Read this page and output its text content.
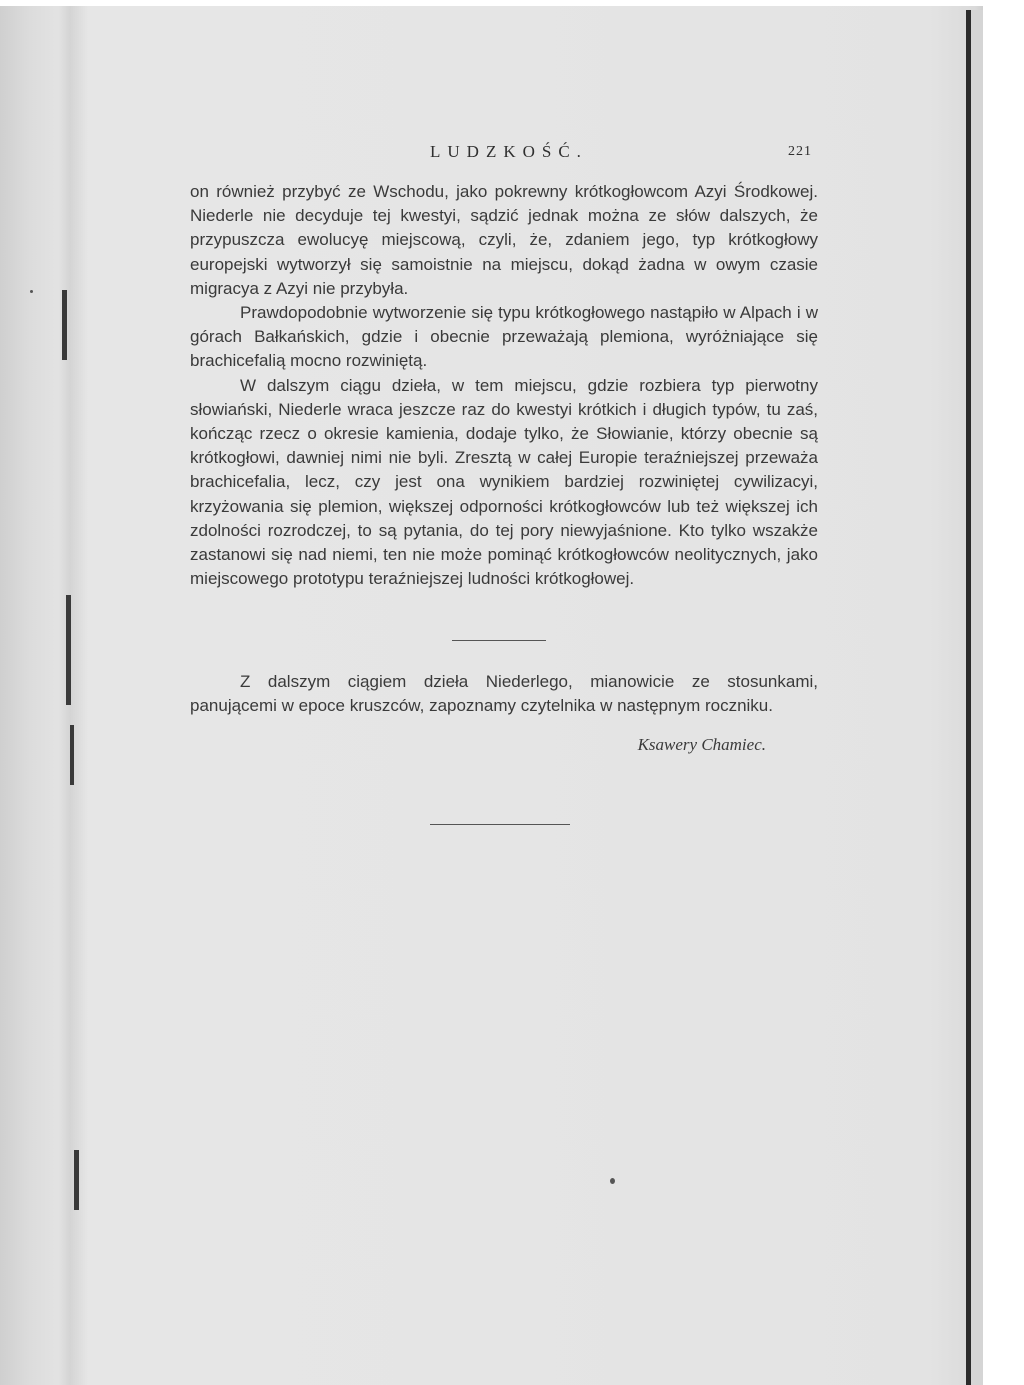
LUDZKOŚĆ.	221

on również przybyć ze Wschodu, jako pokrewny krótkogłowcom Azyi Środkowej. Niederle nie decyduje tej kwestyi, sądzić jednak można ze słów dalszych, że przypuszcza ewolucyę miejscową, czyli, że, zdaniem jego, typ krótkogłowy europejski wytworzył się samoistnie na miejscu, dokąd żadna w owym czasie migracya z Azyi nie przybyła.

Prawdopodobnie wytworzenie się typu krótkogłowego nastąpiło w Alpach i w górach Bałkańskich, gdzie i obecnie przeważają plemiona, wyróżniające się brachicefalią mocno rozwiniętą.

W dalszym ciągu dzieła, w tem miejscu, gdzie rozbiera typ pierwotny słowiański, Niederle wraca jeszcze raz do kwestyi krótkich i długich typów, tu zaś, kończąc rzecz o okresie kamienia, dodaje tylko, że Słowianie, którzy obecnie są krótkogłowi, dawniej nimi nie byli. Zresztą w całej Europie teraźniejszej przeważa brachicefalia, lecz, czy jest ona wynikiem bardziej rozwiniętej cywilizacyi, krzyżowania się plemion, większej odporności krótkogłowców lub też większej ich zdolności rozrodczej, to są pytania, do tej pory niewyjaśnione. Kto tylko wszakże zastanowi się nad niemi, ten nie może pominąć krótkogłowców neolitycznych, jako miejscowego prototypu teraźniejszej ludności krótkogłowej.

Z dalszym ciągiem dzieła Niederlego, mianowicie ze stosunkami, panującemi w epoce kruszców, zapoznamy czytelnika w następnym roczniku.

Ksawery Chamiec.
